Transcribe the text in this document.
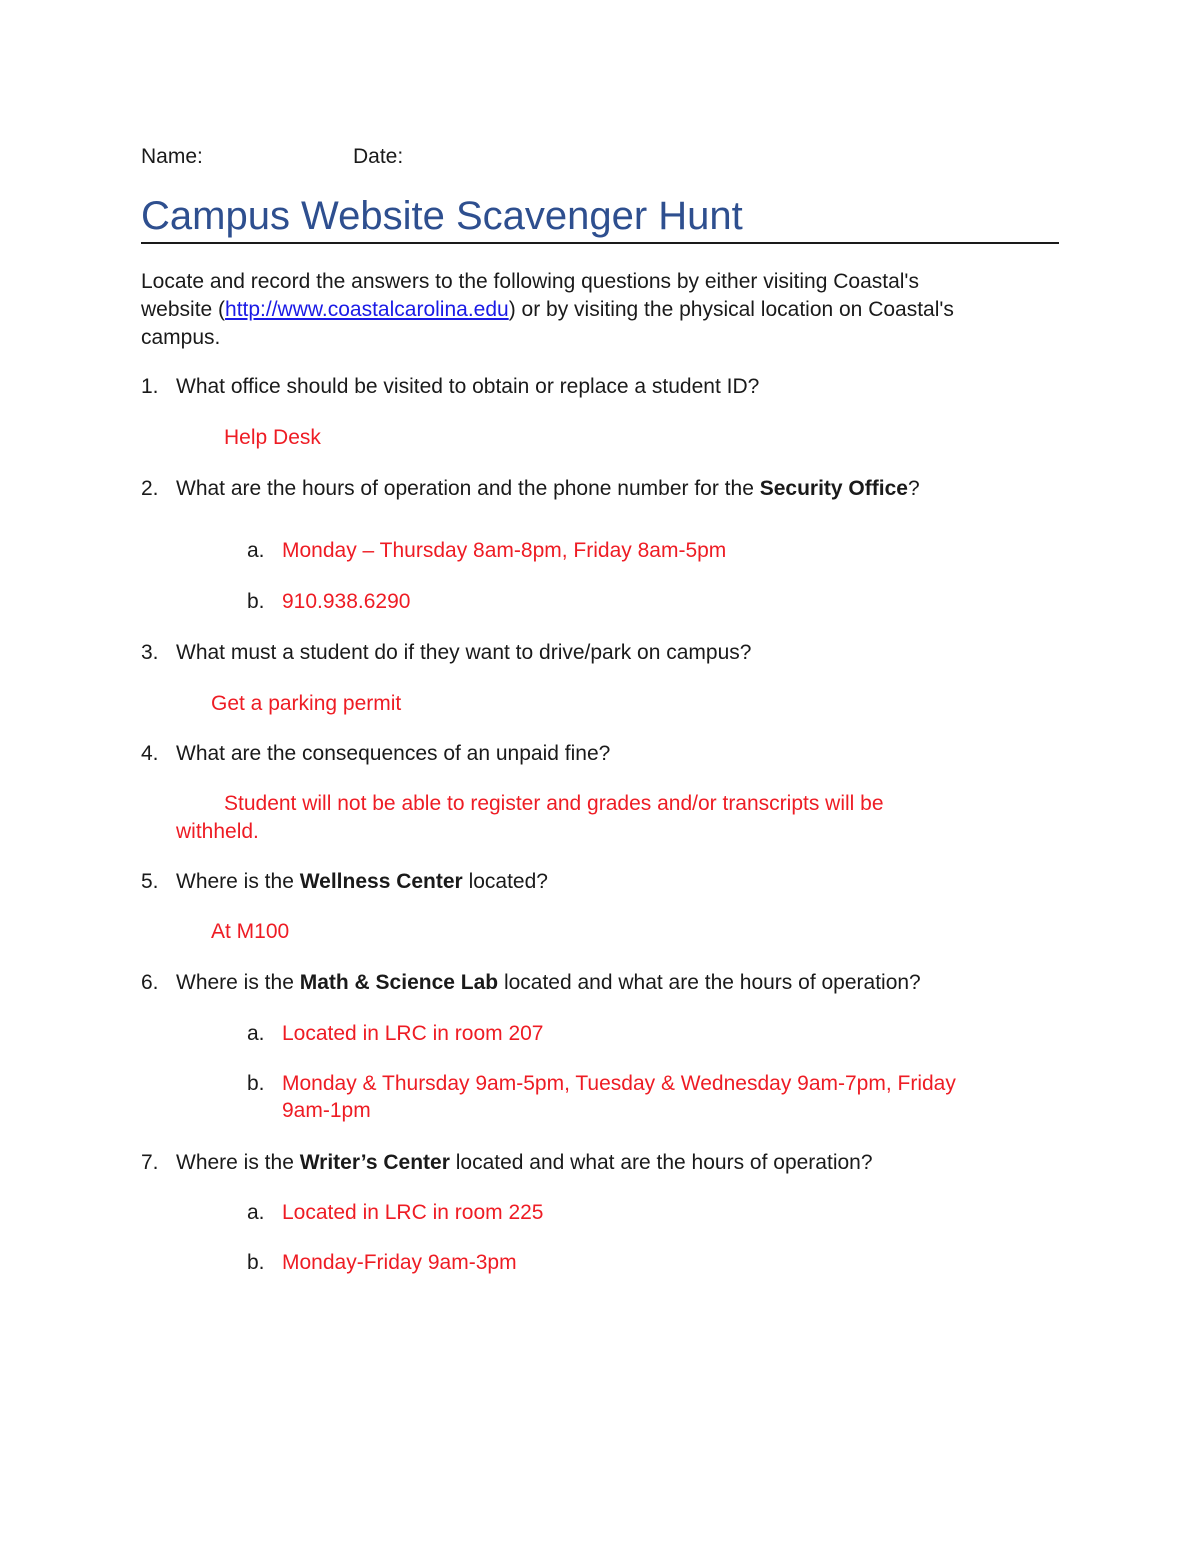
Name:	Date:
Campus Website Scavenger Hunt
Locate and record the answers to the following questions by either visiting Coastal's
website (http://www.coastalcarolina.edu) or by visiting the physical location on Coastal's
campus.
1. What office should be visited to obtain or replace a student ID?
Help Desk
2. What are the hours of operation and the phone number for the Security Office?
a. Monday – Thursday 8am-8pm, Friday 8am-5pm
b. 910.938.6290
3. What must a student do if they want to drive/park on campus?
Get a parking permit
4. What are the consequences of an unpaid fine?
Student will not be able to register and grades and/or transcripts will be
withheld.
5. Where is the Wellness Center located?
At M100
6. Where is the Math & Science Lab located and what are the hours of operation?
a. Located in LRC in room 207
b. Monday & Thursday 9am-5pm, Tuesday & Wednesday 9am-7pm, Friday
9am-1pm
7. Where is the Writer’s Center located and what are the hours of operation?
a. Located in LRC in room 225
b. Monday-Friday 9am-3pm
